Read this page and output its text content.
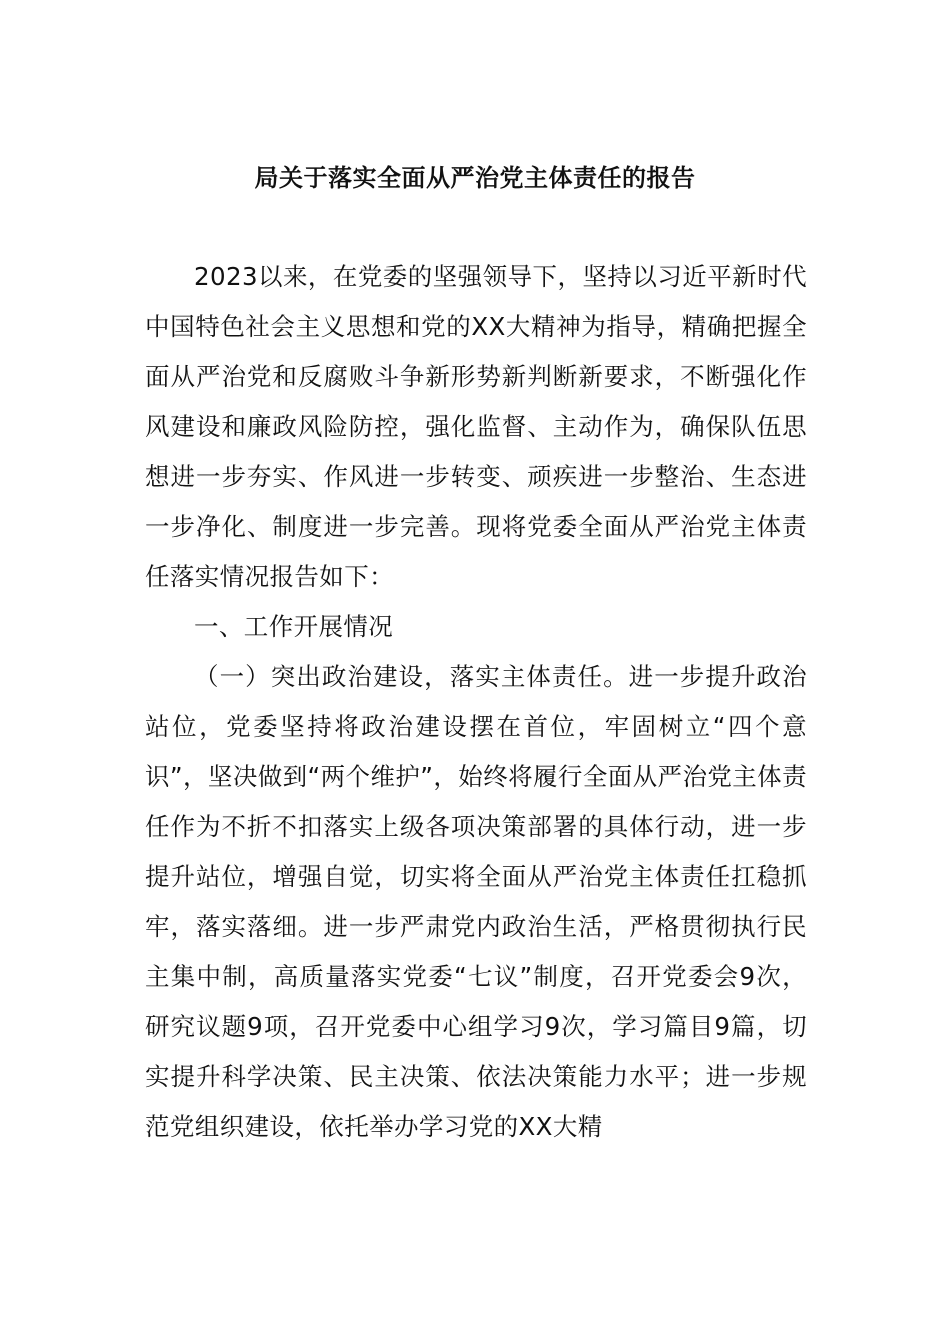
局关于落实全面从严治党主体责任的报告

2023以来，在党委的坚强领导下，坚持以习近平新时代中国特色社会主义思想和党的XX大精神为指导，精确把握全面从严治党和反腐败斗争新形势新判断新要求，不断强化作风建设和廉政风险防控，强化监督、主动作为，确保队伍思想进一步夯实、作风进一步转变、顽疾进一步整治、生态进一步净化、制度进一步完善。现将党委全面从严治党主体责任落实情况报告如下：

一、工作开展情况

（一）突出政治建设，落实主体责任。进一步提升政治站位，党委坚持将政治建设摆在首位，牢固树立“四个意识”，坚决做到“两个维护”，始终将履行全面从严治党主体责任作为不折不扣落实上级各项决策部署的具体行动，进一步提升站位，增强自觉，切实将全面从严治党主体责任扛稳抓牢，落实落细。进一步严肃党内政治生活，严格贯彻执行民主集中制，高质量落实党委“七议”制度，召开党委会9次，研究议题9项，召开党委中心组学习9次，学习篇目9篇，切实提升科学决策、民主决策、依法决策能力水平；进一步规范党组织建设，依托举办学习党的XX大精
